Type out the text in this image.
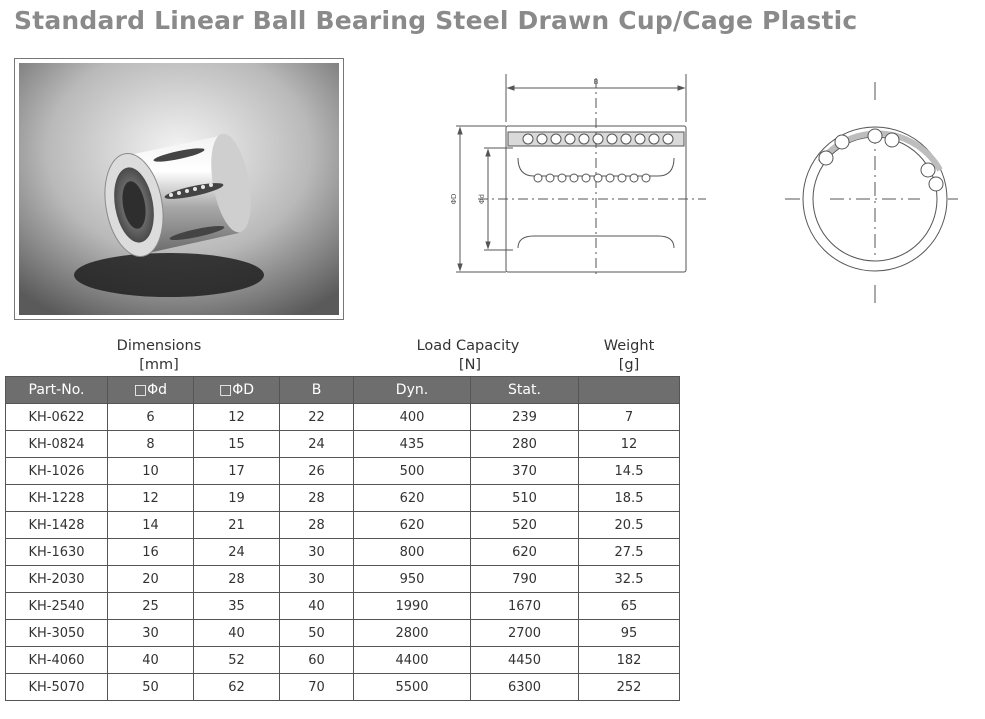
Standard Linear Ball Bearing Steel Drawn Cup/Cage Plastic
B
ΦD	Φd
Dimensions
[mm]
Load Capacity
[N]
Weight
[g]
Part-No.	□Φd	□ΦD	B	Dyn.	Stat.	
KH-0622	6	12	22	400	239	7
KH-0824	8	15	24	435	280	12
KH-1026	10	17	26	500	370	14.5
KH-1228	12	19	28	620	510	18.5
KH-1428	14	21	28	620	520	20.5
KH-1630	16	24	30	800	620	27.5
KH-2030	20	28	30	950	790	32.5
KH-2540	25	35	40	1990	1670	65
KH-3050	30	40	50	2800	2700	95
KH-4060	40	52	60	4400	4450	182
KH-5070	50	62	70	5500	6300	252
